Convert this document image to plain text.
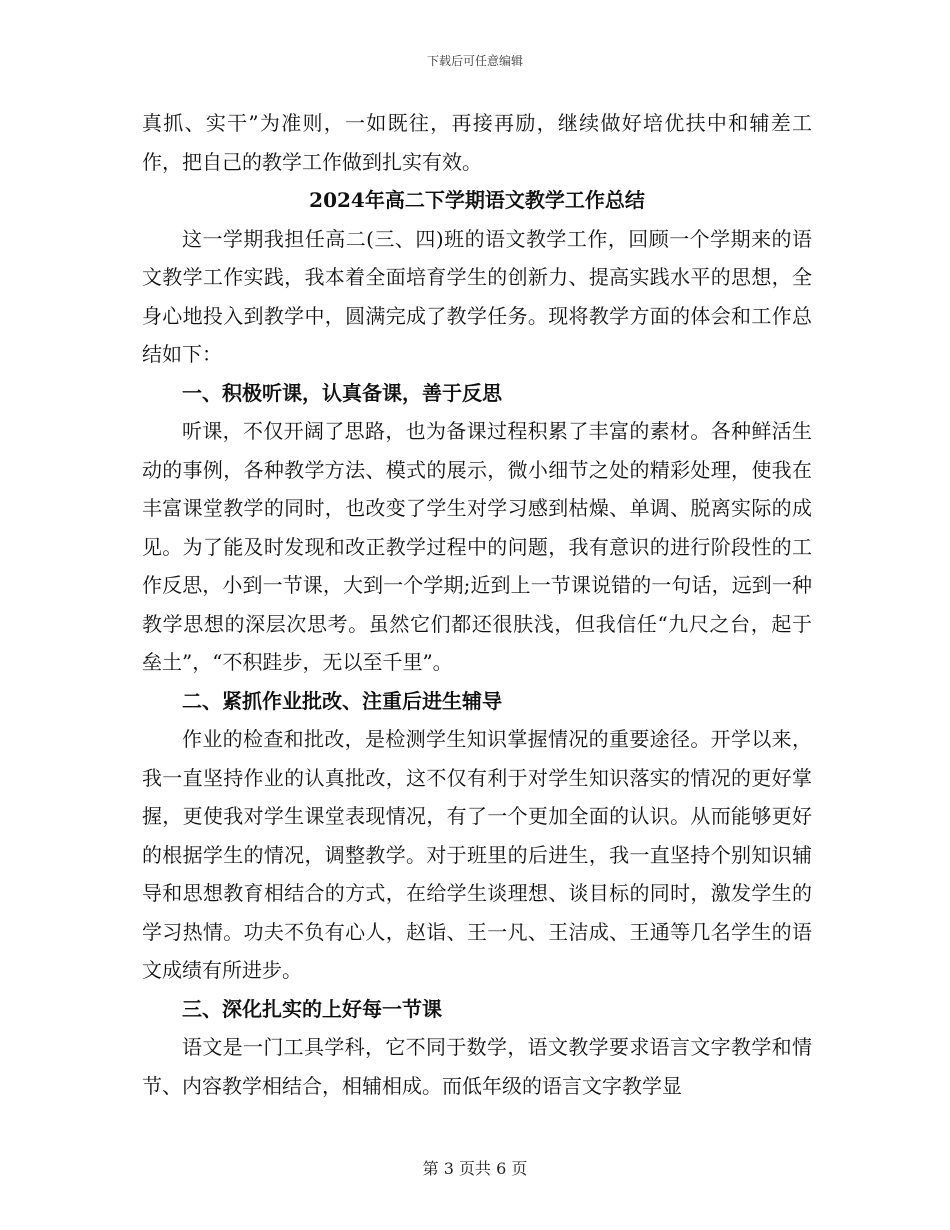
下载后可任意编辑

真抓、实干”为准则，一如既往，再接再励，继续做好培优扶中和辅差工作，把自己的教学工作做到扎实有效。

2024年高二下学期语文教学工作总结

这一学期我担任高二(三、四)班的语文教学工作，回顾一个学期来的语文教学工作实践，我本着全面培育学生的创新力、提高实践水平的思想，全身心地投入到教学中，圆满完成了教学任务。现将教学方面的体会和工作总结如下：

一、积极听课，认真备课，善于反思

听课，不仅开阔了思路，也为备课过程积累了丰富的素材。各种鲜活生动的事例，各种教学方法、模式的展示，微小细节之处的精彩处理，使我在丰富课堂教学的同时，也改变了学生对学习感到枯燥、单调、脱离实际的成见。为了能及时发现和改正教学过程中的问题，我有意识的进行阶段性的工作反思，小到一节课，大到一个学期;近到上一节课说错的一句话，远到一种教学思想的深层次思考。虽然它们都还很肤浅，但我信任“九尺之台，起于垒土”，“不积跬步，无以至千里”。

二、紧抓作业批改、注重后进生辅导

作业的检查和批改，是检测学生知识掌握情况的重要途径。开学以来，我一直坚持作业的认真批改，这不仅有利于对学生知识落实的情况的更好掌握，更使我对学生课堂表现情况，有了一个更加全面的认识。从而能够更好的根据学生的情况，调整教学。对于班里的后进生，我一直坚持个别知识辅导和思想教育相结合的方式，在给学生谈理想、谈目标的同时，激发学生的学习热情。功夫不负有心人，赵诣、王一凡、王洁成、王通等几名学生的语文成绩有所进步。

三、深化扎实的上好每一节课

语文是一门工具学科，它不同于数学，语文教学要求语言文字教学和情节、内容教学相结合，相辅相成。而低年级的语言文字教学显

第 3 页共 6 页
